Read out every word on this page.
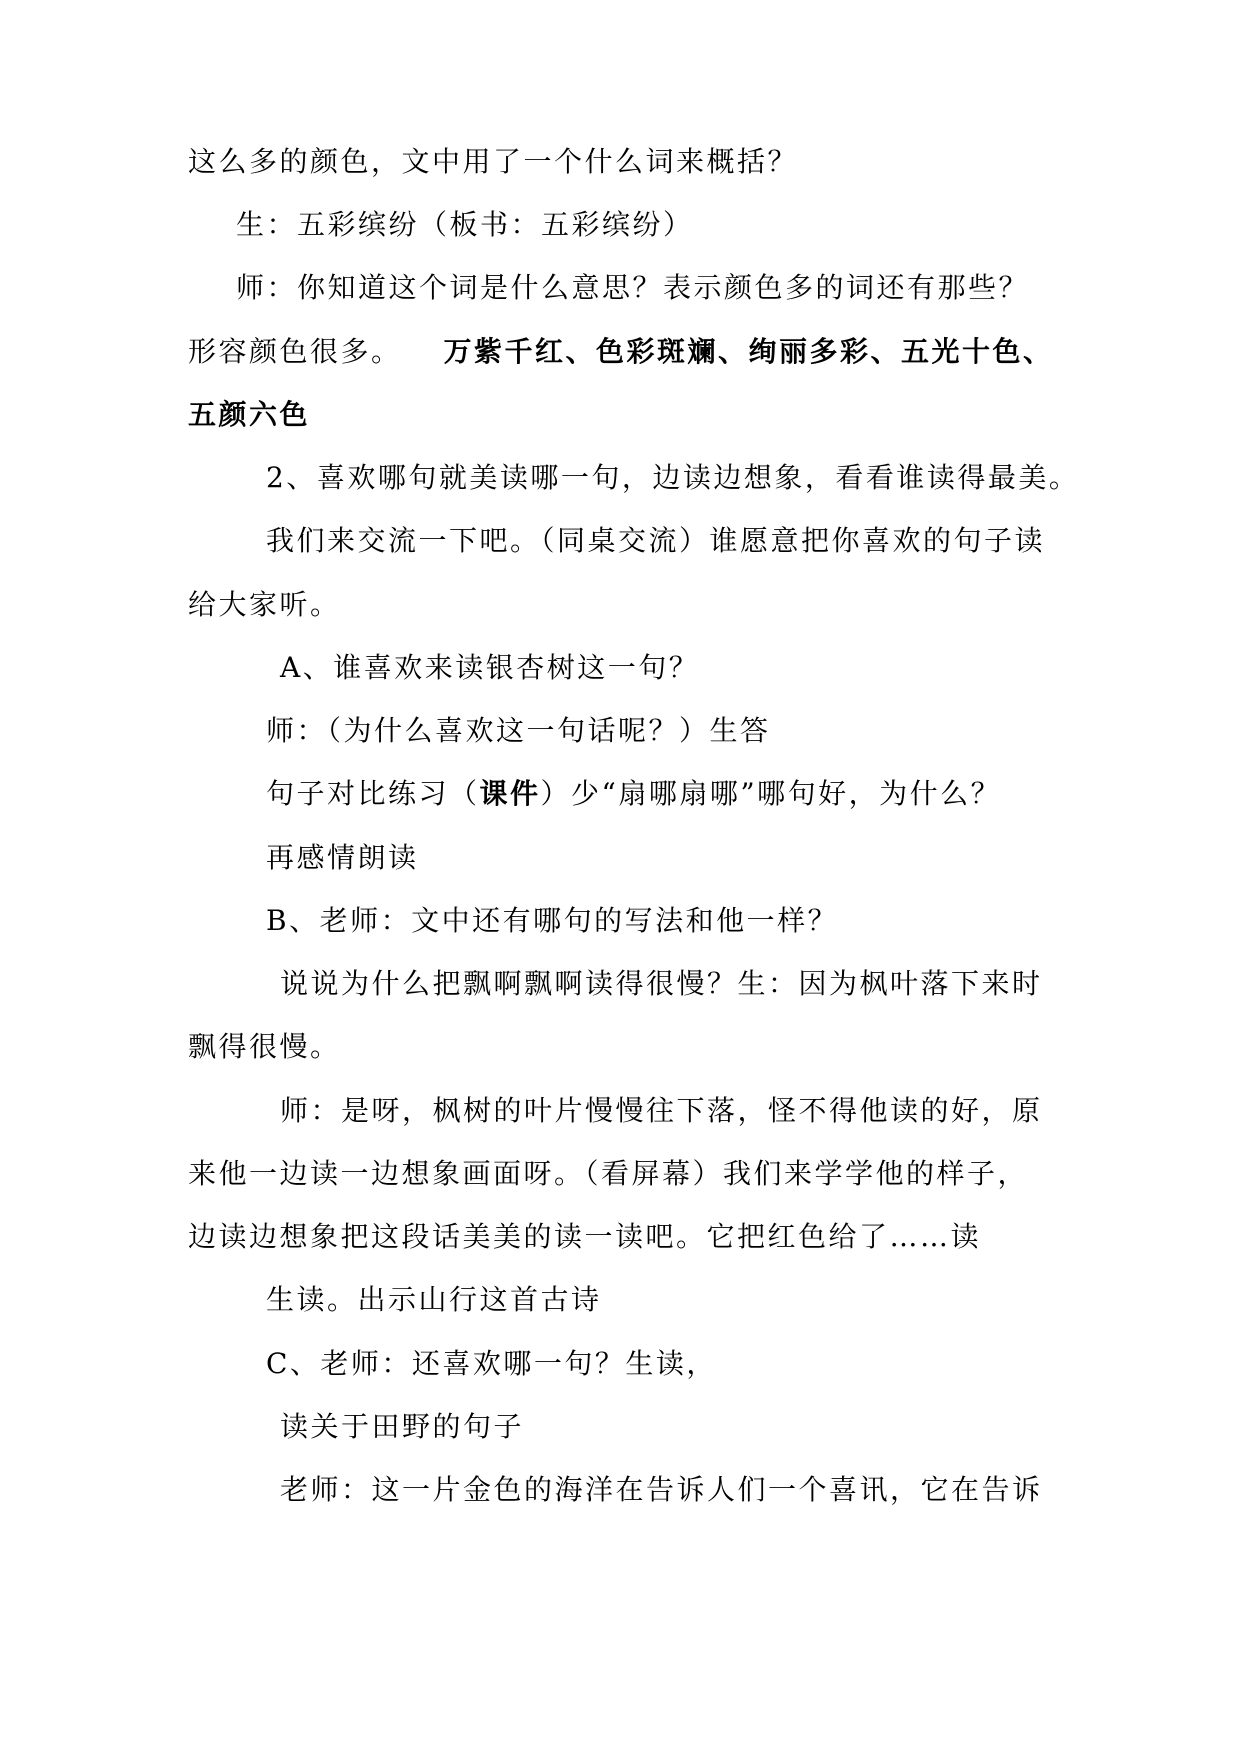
这么多的颜色，文中用了一个什么词来概括？
生：五彩缤纷（板书：五彩缤纷）
师：你知道这个词是什么意思？表示颜色多的词还有那些？
形容颜色很多。 万紫千红、色彩斑斓、绚丽多彩、五光十色、
五颜六色
2、喜欢哪句就美读哪一句，边读边想象，看看谁读得最美。
我们来交流一下吧。（同桌交流）谁愿意把你喜欢的句子读
给大家听。
A、谁喜欢来读银杏树这一句？
师：（为什么喜欢这一句话呢？）生答
句子对比练习（课件）少“扇哪扇哪”哪句好，为什么？
再感情朗读
B、老师：文中还有哪句的写法和他一样？
说说为什么把飘啊飘啊读得很慢？生：因为枫叶落下来时
飘得很慢。
师：是呀，枫树的叶片慢慢往下落，怪不得他读的好，原
来他一边读一边想象画面呀。（看屏幕）我们来学学他的样子，
边读边想象把这段话美美的读一读吧。它把红色给了……读
生读。出示山行这首古诗
C、老师：还喜欢哪一句？生读，
读关于田野的句子
老师：这一片金色的海洋在告诉人们一个喜讯，它在告诉
